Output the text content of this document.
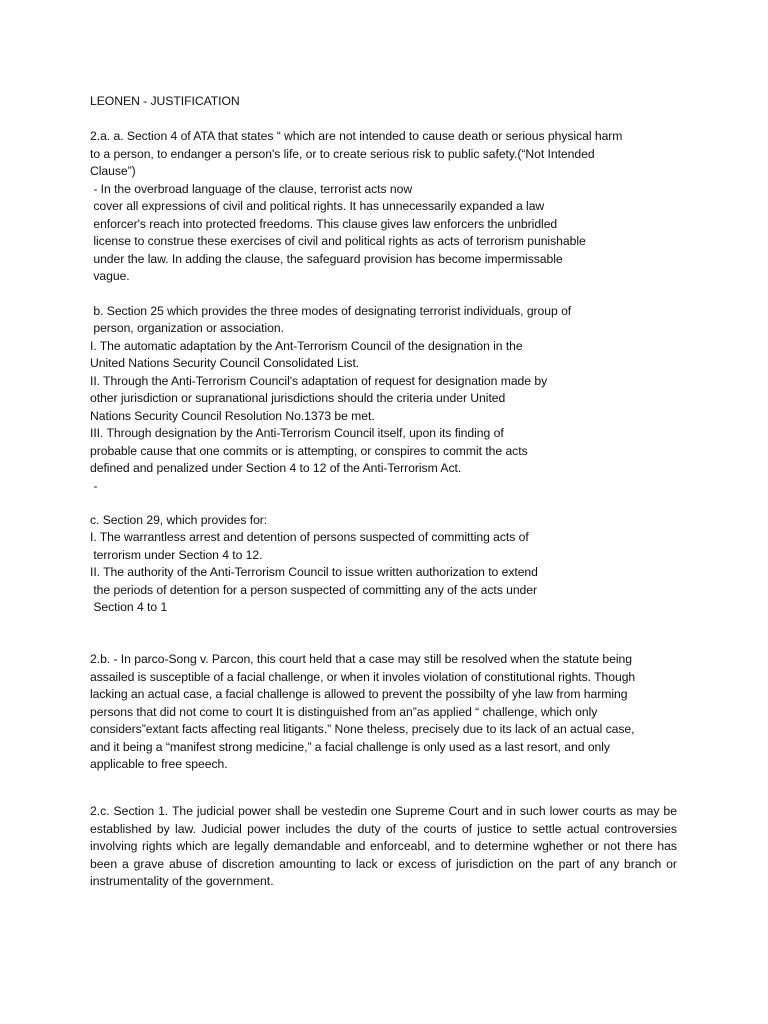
LEONEN - JUSTIFICATION
2.a. a. Section 4 of ATA that states “ which are not intended to cause death or serious physical harm
to a person, to endanger a person's life, or to create serious risk to public safety.(“Not Intended
Clause”)
- In the overbroad language of the clause, terrorist acts now
cover all expressions of civil and political rights. It has unnecessarily expanded a law
enforcer's reach into protected freedoms. This clause gives law enforcers the unbridled
license to construe these exercises of civil and political rights as acts of terrorism punishable
under the law. In adding the clause, the safeguard provision has become impermissable
vague.
b. Section 25 which provides the three modes of designating terrorist individuals, group of
person, organization or association.
I. The automatic adaptation by the Ant-Terrorism Council of the designation in the
United Nations Security Council Consolidated List.
II. Through the Anti-Terrorism Council's adaptation of request for designation made by
other jurisdiction or supranational jurisdictions should the criteria under United
Nations Security Council Resolution No.1373 be met.
III. Through designation by the Anti-Terrorism Council itself, upon its finding of
probable cause that one commits or is attempting, or conspires to commit the acts
defined and penalized under Section 4 to 12 of the Anti-Terrorism Act.
-
c. Section 29, which provides for:
I. The warrantless arrest and detention of persons suspected of committing acts of
terrorism under Section 4 to 12.
II. The authority of the Anti-Terrorism Council to issue written authorization to extend
the periods of detention for a person suspected of committing any of the acts under
Section 4 to 1
2.b. - In parco-Song v. Parcon, this court held that a case may still be resolved when the statute being
assailed is susceptible of a facial challenge, or when it involes violation of constitutional rights. Though
lacking an actual case, a facial challenge is allowed to prevent the possibilty of yhe law from harming
persons that did not come to court It is distinguished from an”as applied “ challenge, which only
considers”extant facts affecting real litigants.” None theless, precisely due to its lack of an actual case,
and it being a “manifest strong medicine,” a facial challenge is only used as a last resort, and only
applicable to free speech.
2.c. Section 1. The judicial power shall be vestedin one Supreme Court and in such lower courts as may be established by law. Judicial power includes the duty of the courts of justice to settle actual controversies involving rights which are legally demandable and enforceabl, and to determine wghether or not there has been a grave abuse of discretion amounting to lack or excess of jurisdiction on the part of any branch or instrumentality of the government.
